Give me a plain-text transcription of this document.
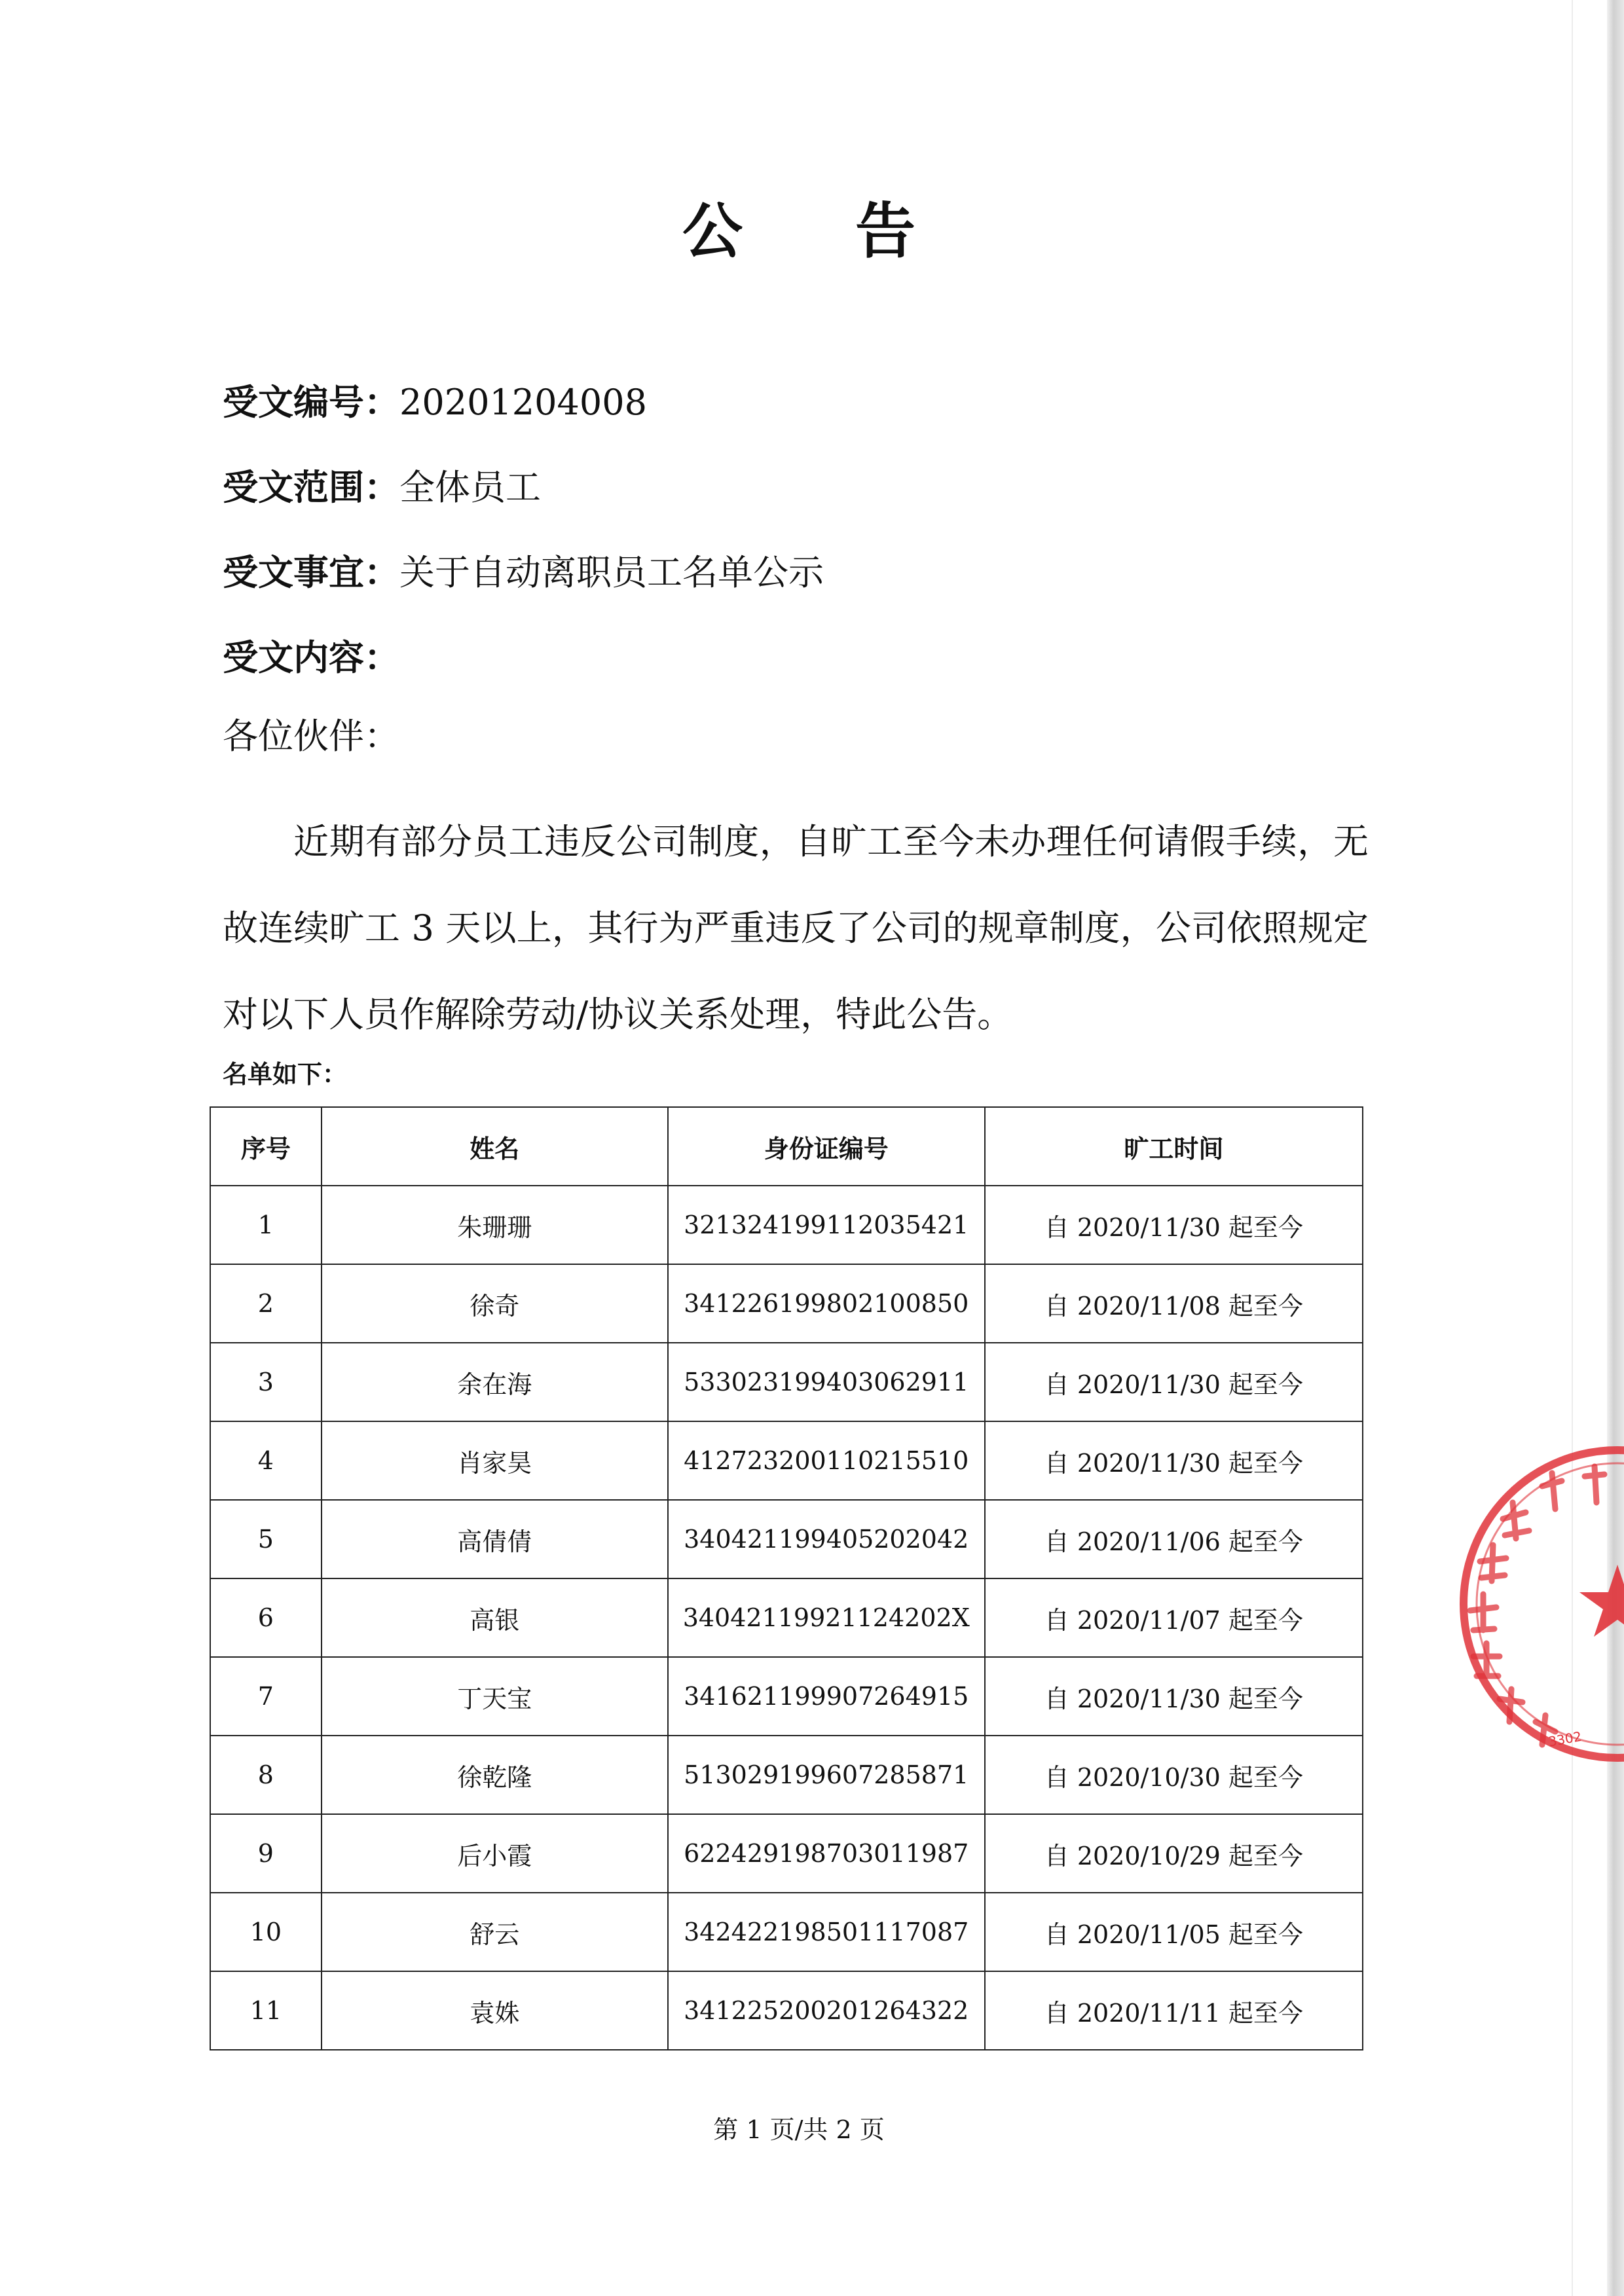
公 告
受文编号：20201204008
受文范围：全体员工
受文事宜：关于自动离职员工名单公示
受文内容：
各位伙伴：
近期有部分员工违反公司制度，自旷工至今未办理任何请假手续，无故连续旷工 3 天以上，其行为严重违反了公司的规章制度，公司依照规定对以下人员作解除劳动/协议关系处理，特此公告。
名单如下：
序号	姓名	身份证编号	旷工时间
1	朱珊珊	321324199112035421	自 2020/11/30 起至今
2	徐奇	341226199802100850	自 2020/11/08 起至今
3	余在海	533023199403062911	自 2020/11/30 起至今
4	肖家昊	412723200110215510	自 2020/11/30 起至今
5	高倩倩	340421199405202042	自 2020/11/06 起至今
6	高银	34042119921124202X	自 2020/11/07 起至今
7	丁天宝	341621199907264915	自 2020/11/30 起至今
8	徐乾隆	513029199607285871	自 2020/10/30 起至今
9	后小霞	622429198703011987	自 2020/10/29 起至今
10	舒云	342422198501117087	自 2020/11/05 起至今
11	袁姝	341225200201264322	自 2020/11/11 起至今
第 1 页/共 2 页
3302
